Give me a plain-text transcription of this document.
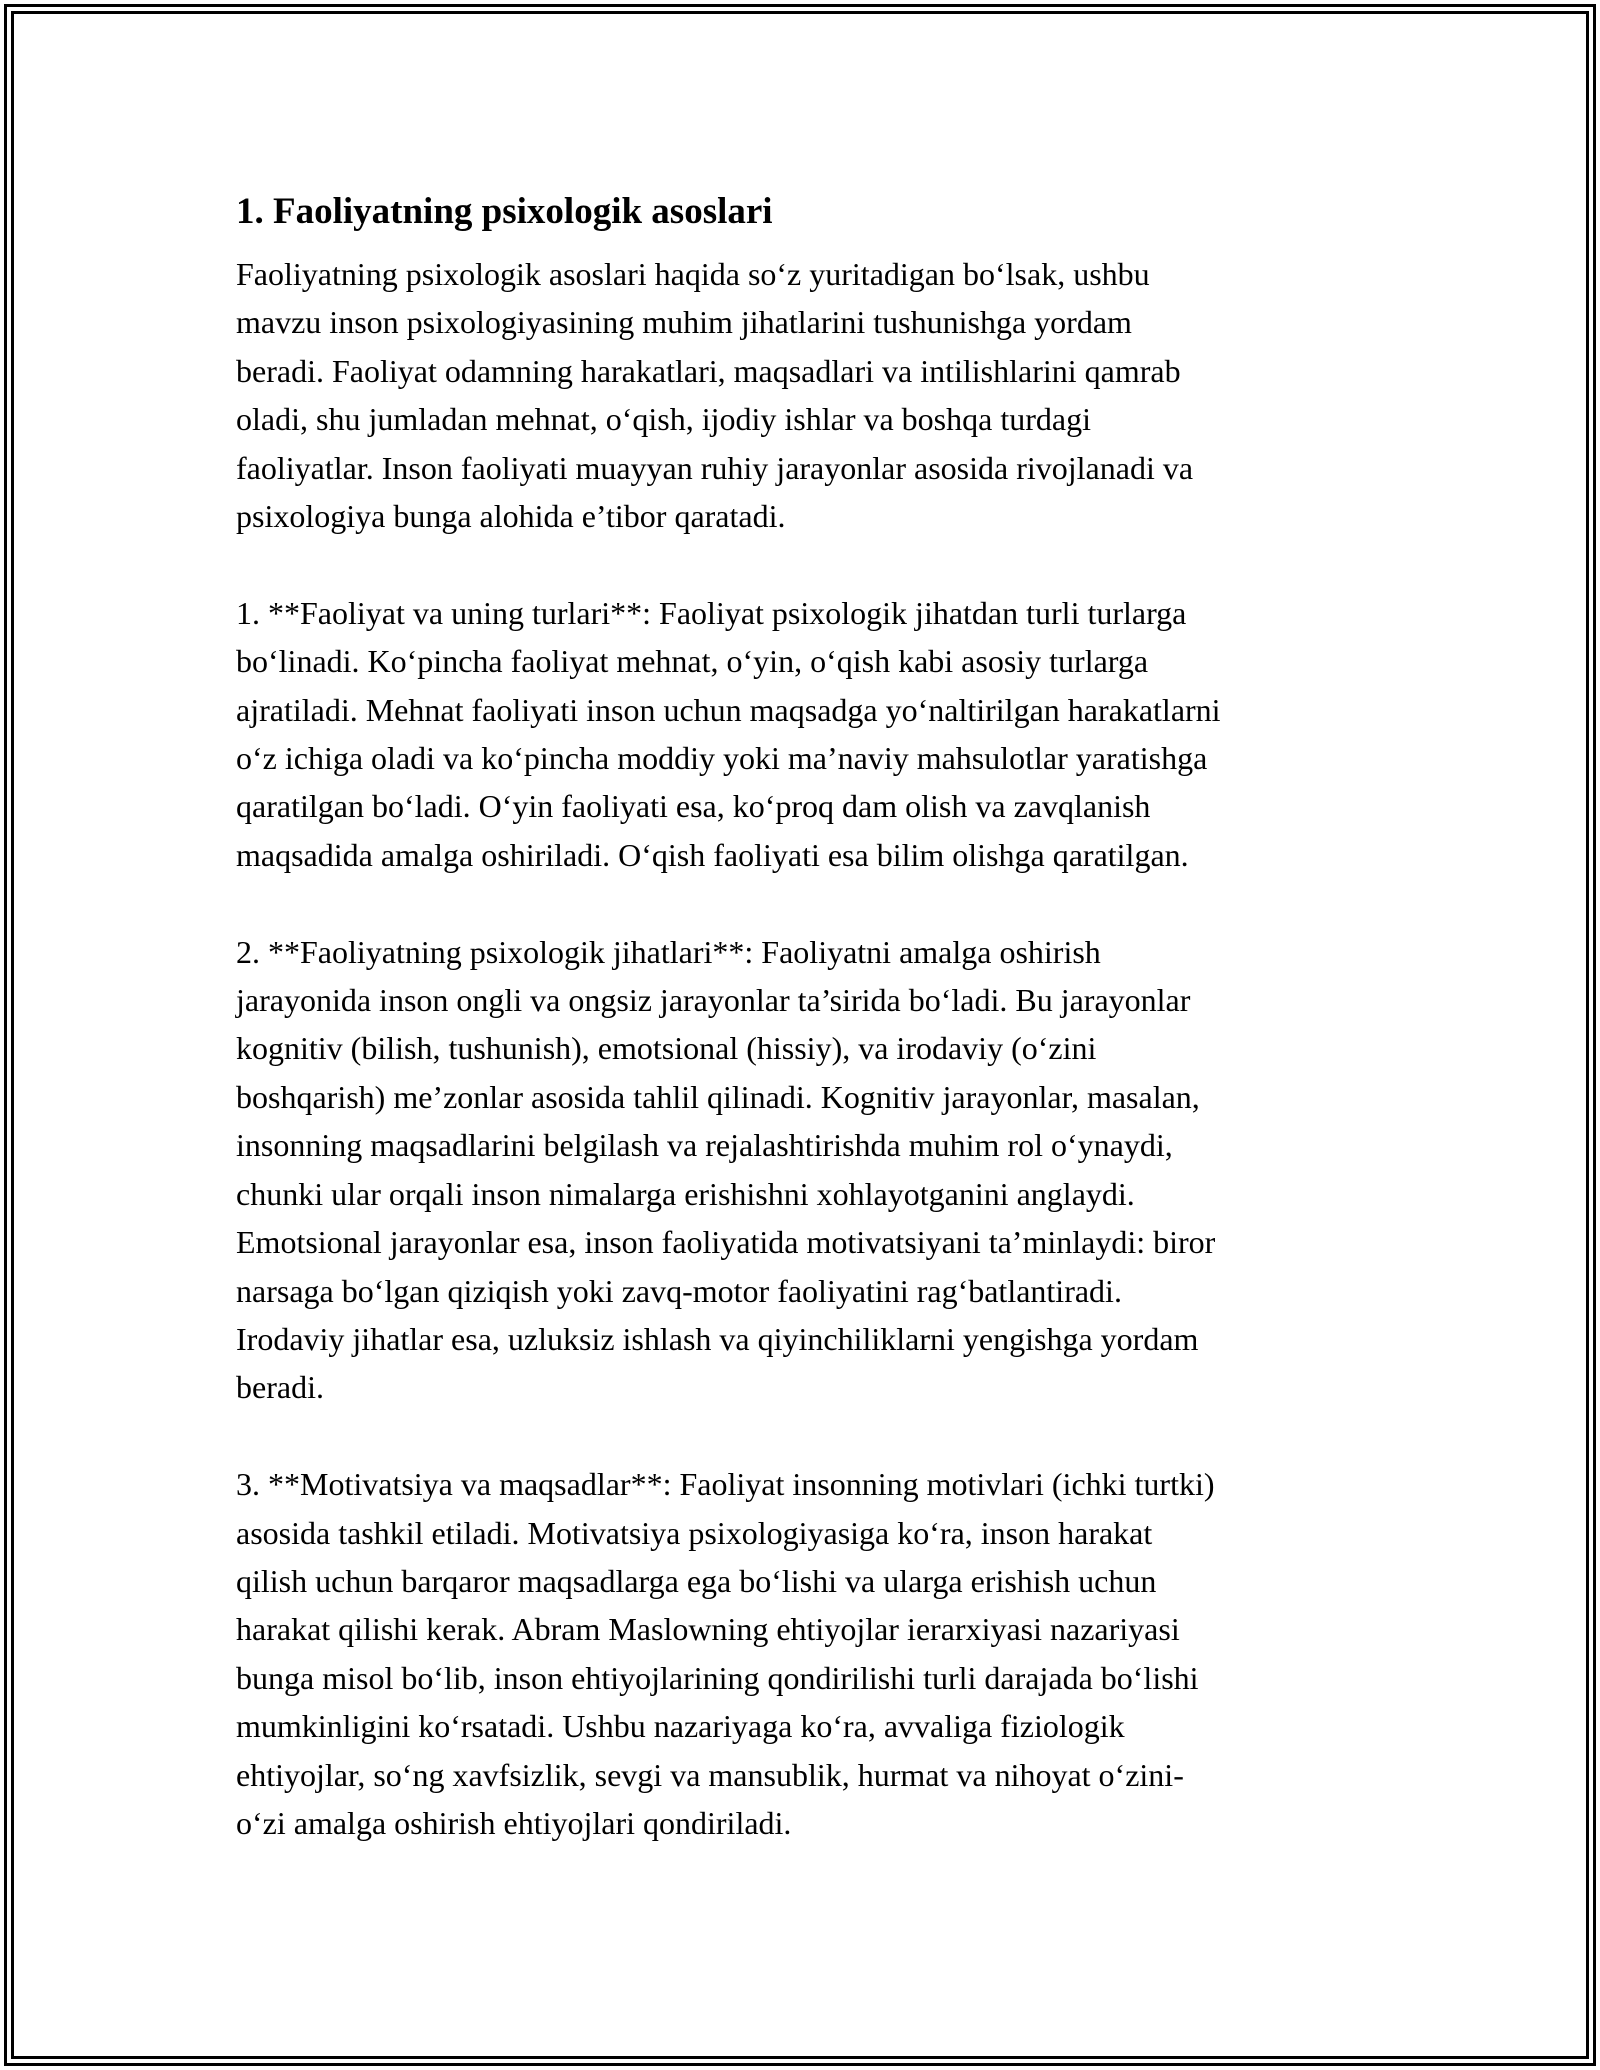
1. Faoliyatning psixologik asoslari

Faoliyatning psixologik asoslari haqida so‘z yuritadigan bo‘lsak, ushbu
mavzu inson psixologiyasining muhim jihatlarini tushunishga yordam
beradi. Faoliyat odamning harakatlari, maqsadlari va intilishlarini qamrab
oladi, shu jumladan mehnat, o‘qish, ijodiy ishlar va boshqa turdagi
faoliyatlar. Inson faoliyati muayyan ruhiy jarayonlar asosida rivojlanadi va
psixologiya bunga alohida e’tibor qaratadi.

1. **Faoliyat va uning turlari**: Faoliyat psixologik jihatdan turli turlarga
bo‘linadi. Ko‘pincha faoliyat mehnat, o‘yin, o‘qish kabi asosiy turlarga
ajratiladi. Mehnat faoliyati inson uchun maqsadga yo‘naltirilgan harakatlarni
o‘z ichiga oladi va ko‘pincha moddiy yoki ma’naviy mahsulotlar yaratishga
qaratilgan bo‘ladi. O‘yin faoliyati esa, ko‘proq dam olish va zavqlanish
maqsadida amalga oshiriladi. O‘qish faoliyati esa bilim olishga qaratilgan.

2. **Faoliyatning psixologik jihatlari**: Faoliyatni amalga oshirish
jarayonida inson ongli va ongsiz jarayonlar ta’sirida bo‘ladi. Bu jarayonlar
kognitiv (bilish, tushunish), emotsional (hissiy), va irodaviy (o‘zini
boshqarish) me’zonlar asosida tahlil qilinadi. Kognitiv jarayonlar, masalan,
insonning maqsadlarini belgilash va rejalashtirishda muhim rol o‘ynaydi,
chunki ular orqali inson nimalarga erishishni xohlayotganini anglaydi.
Emotsional jarayonlar esa, inson faoliyatida motivatsiyani ta’minlaydi: biror
narsaga bo‘lgan qiziqish yoki zavq-motor faoliyatini rag‘batlantiradi.
Irodaviy jihatlar esa, uzluksiz ishlash va qiyinchiliklarni yengishga yordam
beradi.

3. **Motivatsiya va maqsadlar**: Faoliyat insonning motivlari (ichki turtki)
asosida tashkil etiladi. Motivatsiya psixologiyasiga ko‘ra, inson harakat
qilish uchun barqaror maqsadlarga ega bo‘lishi va ularga erishish uchun
harakat qilishi kerak. Abram Maslowning ehtiyojlar ierarxiyasi nazariyasi
bunga misol bo‘lib, inson ehtiyojlarining qondirilishi turli darajada bo‘lishi
mumkinligini ko‘rsatadi. Ushbu nazariyaga ko‘ra, avvaliga fiziologik
ehtiyojlar, so‘ng xavfsizlik, sevgi va mansublik, hurmat va nihoyat o‘zini-
o‘zi amalga oshirish ehtiyojlari qondiriladi.
